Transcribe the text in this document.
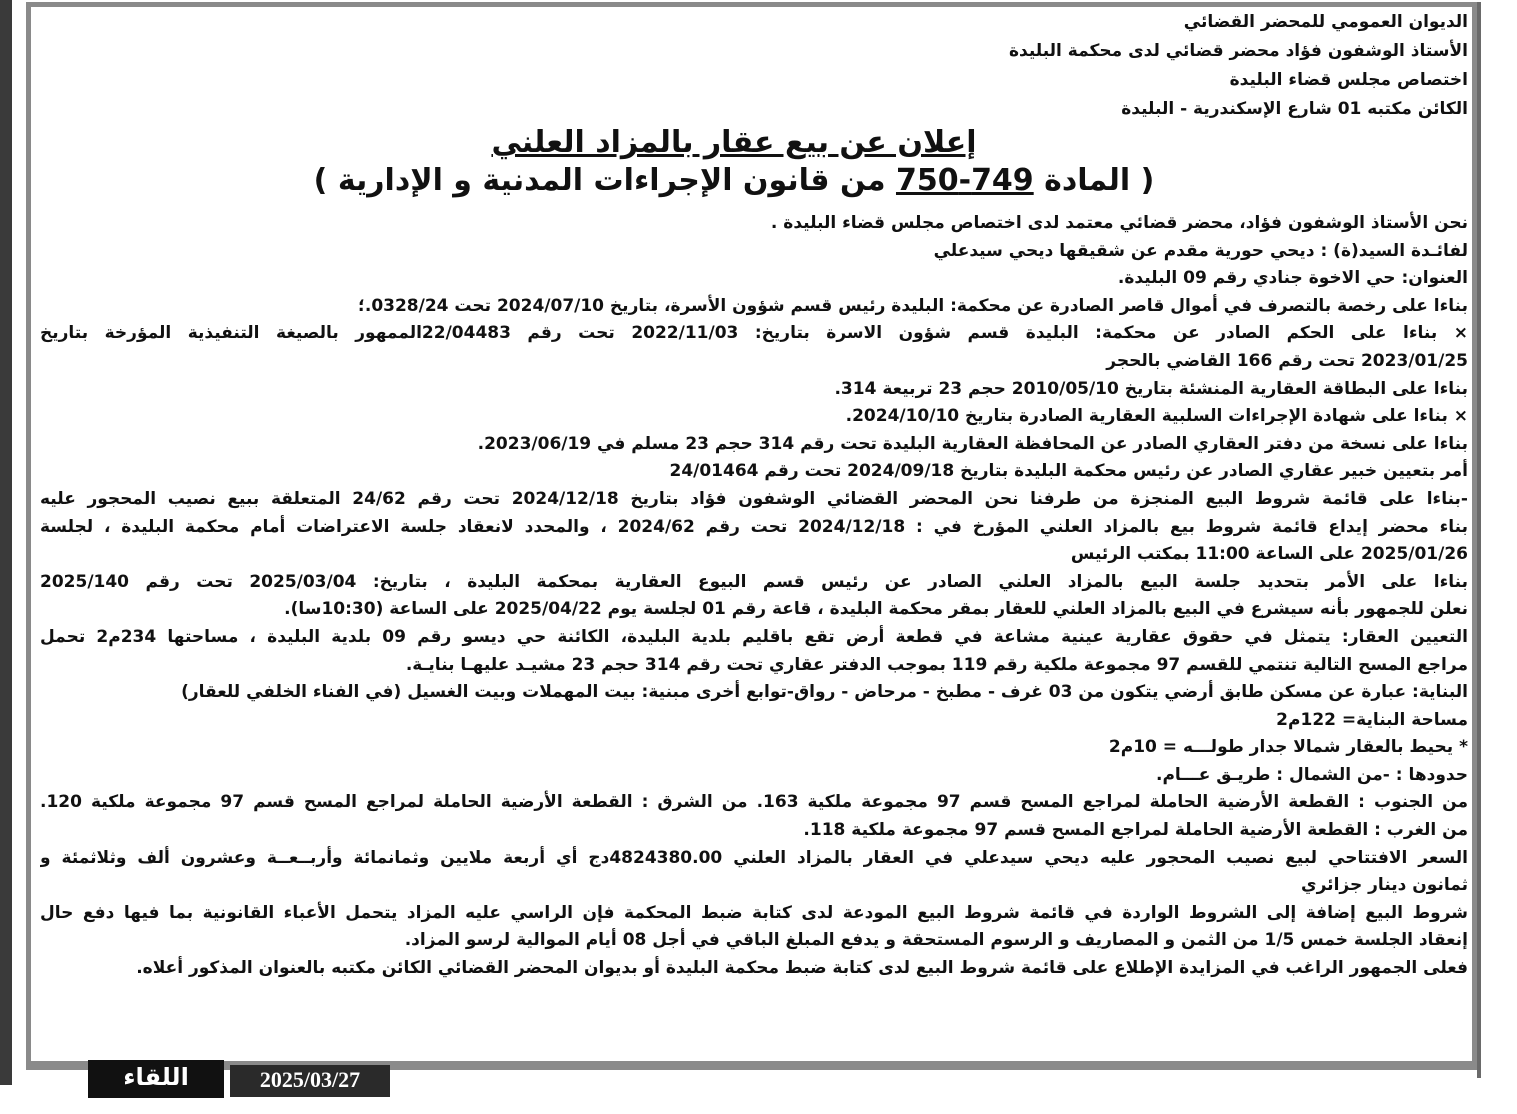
الديوان العمومي للمحضر القضائي
الأستاذ الوشفون فؤاد محضر قضائي لدى محكمة البليدة
اختصاص مجلس قضاء البليدة
الكائن مكتبه 01 شارع الإسكندرية - البليدة
إعلان عن بيع عقار بالمزاد العلني
( المادة 749-750 من قانون الإجراءات المدنية و الإدارية )
نحن الأستاذ الوشفون فؤاد، محضر قضائي معتمد لدى اختصاص مجلس قضاء البليدة .
لفائـدة السيد(ة) : ديحي حورية مقدم عن شقيقها ديحي سيدعلي
العنوان: حي الاخوة جنادي رقم 09 البليدة.
بناءا على رخصة بالتصرف في أموال قاصر الصادرة عن محكمة: البليدة رئيس قسم شؤون الأسرة، بتاريخ 2024/07/10 تحت 0328/24.؛
× بناءا على الحكم الصادر عن محكمة: البليدة قسم شؤون الاسرة بتاريخ: 2022/11/03 تحت رقم 22/04483الممهور بالصيغة التنفيذية المؤرخة بتاريخ
2023/01/25 تحت رقم 166 القاضي بالحجر
بناءا على البطاقة العقارية المنشئة بتاريخ 2010/05/10 حجم 23 تربيعة 314.
× بناءا على شهادة الإجراءات السلبية العقارية الصادرة بتاريخ 2024/10/10.
بناءا على نسخة من دفتر العقاري الصادر عن المحافظة العقارية البليدة تحت رقم 314 حجم 23 مسلم في 2023/06/19.
أمر بتعيين خبير عقاري الصادر عن رئيس محكمة البليدة بتاريخ 2024/09/18 تحت رقم 24/01464
-بناءا على قائمة شروط البيع المنجزة من طرفنا نحن المحضر القضائي الوشفون فؤاد بتاريخ 2024/12/18 تحت رقم 24/62 المتعلقة ببيع نصيب المحجور عليه
بناء محضر إيداع قائمة شروط بيع بالمزاد العلني المؤرخ في : 2024/12/18 تحت رقم 2024/62 ، والمحدد لانعقاد جلسة الاعتراضات أمام محكمة البليدة ، لجلسة
2025/01/26 على الساعة 11:00 بمكتب الرئيس
بناءا على الأمر بتحديد جلسة البيع بالمزاد العلني الصادر عن رئيس قسم البيوع العقارية بمحكمة البليدة ، بتاريخ: 2025/03/04 تحت رقم 2025/140
نعلن للجمهور بأنه سيشرع في البيع بالمزاد العلني للعقار بمقر محكمة البليدة ، قاعة رقم 01 لجلسة يوم 2025/04/22 على الساعة (10:30سا).
التعيين العقار: يتمثل في حقوق عقارية عينية مشاعة في قطعة أرض تقع باقليم بلدية البليدة، الكائنة حي ديسو رقم 09 بلدية البليدة ، مساحتها 234م2 تحمل
مراجع المسح التالية تنتمي للقسم 97 مجموعة ملكية رقم 119 بموجب الدفتر عقاري تحت رقم 314 حجم 23 مشيـد عليهـا بنايـة.
البناية: عبارة عن مسكن طابق أرضي يتكون من 03 غرف - مطبخ - مرحاض - رواق-توابع أخرى مبنية: بيت المهملات وبيت الغسيل (في الفناء الخلفي للعقار)
مساحة البناية= 122م2
* يحيط بالعقار شمالا جدار طولـــه = 10م2
حدودها : -من الشمال : طريـق عـــام.
من الجنوب : القطعة الأرضية الحاملة لمراجع المسح قسم 97 مجموعة ملكية 163. من الشرق : القطعة الأرضية الحاملة لمراجع المسح قسم 97 مجموعة ملكية 120.
من الغرب : القطعة الأرضية الحاملة لمراجع المسح قسم 97 مجموعة ملكية 118.
السعر الافتتاحي لبيع نصيب المحجور عليه ديحي سيدعلي في العقار بالمزاد العلني 4824380.00دج أي أربعة ملايين وثمانمائة وأربــعــة وعشرون ألف وثلاثمئة و
ثمانون دينار جزائري
شروط البيع إضافة إلى الشروط الواردة في قائمة شروط البيع المودعة لدى كتابة ضبط المحكمة فإن الراسي عليه المزاد يتحمل الأعباء القانونية بما فيها دفع حال
إنعقاد الجلسة خمس 1/5 من الثمن و المصاريف و الرسوم المستحقة و يدفع المبلغ الباقي في أجل 08 أيام الموالية لرسو المزاد.
فعلى الجمهور الراغب في المزايدة الإطلاع على قائمة شروط البيع لدى كتابة ضبط محكمة البليدة أو بديوان المحضر القضائي الكائن مكتبه بالعنوان المذكور أعلاه.
اللقاء	2025/03/27
